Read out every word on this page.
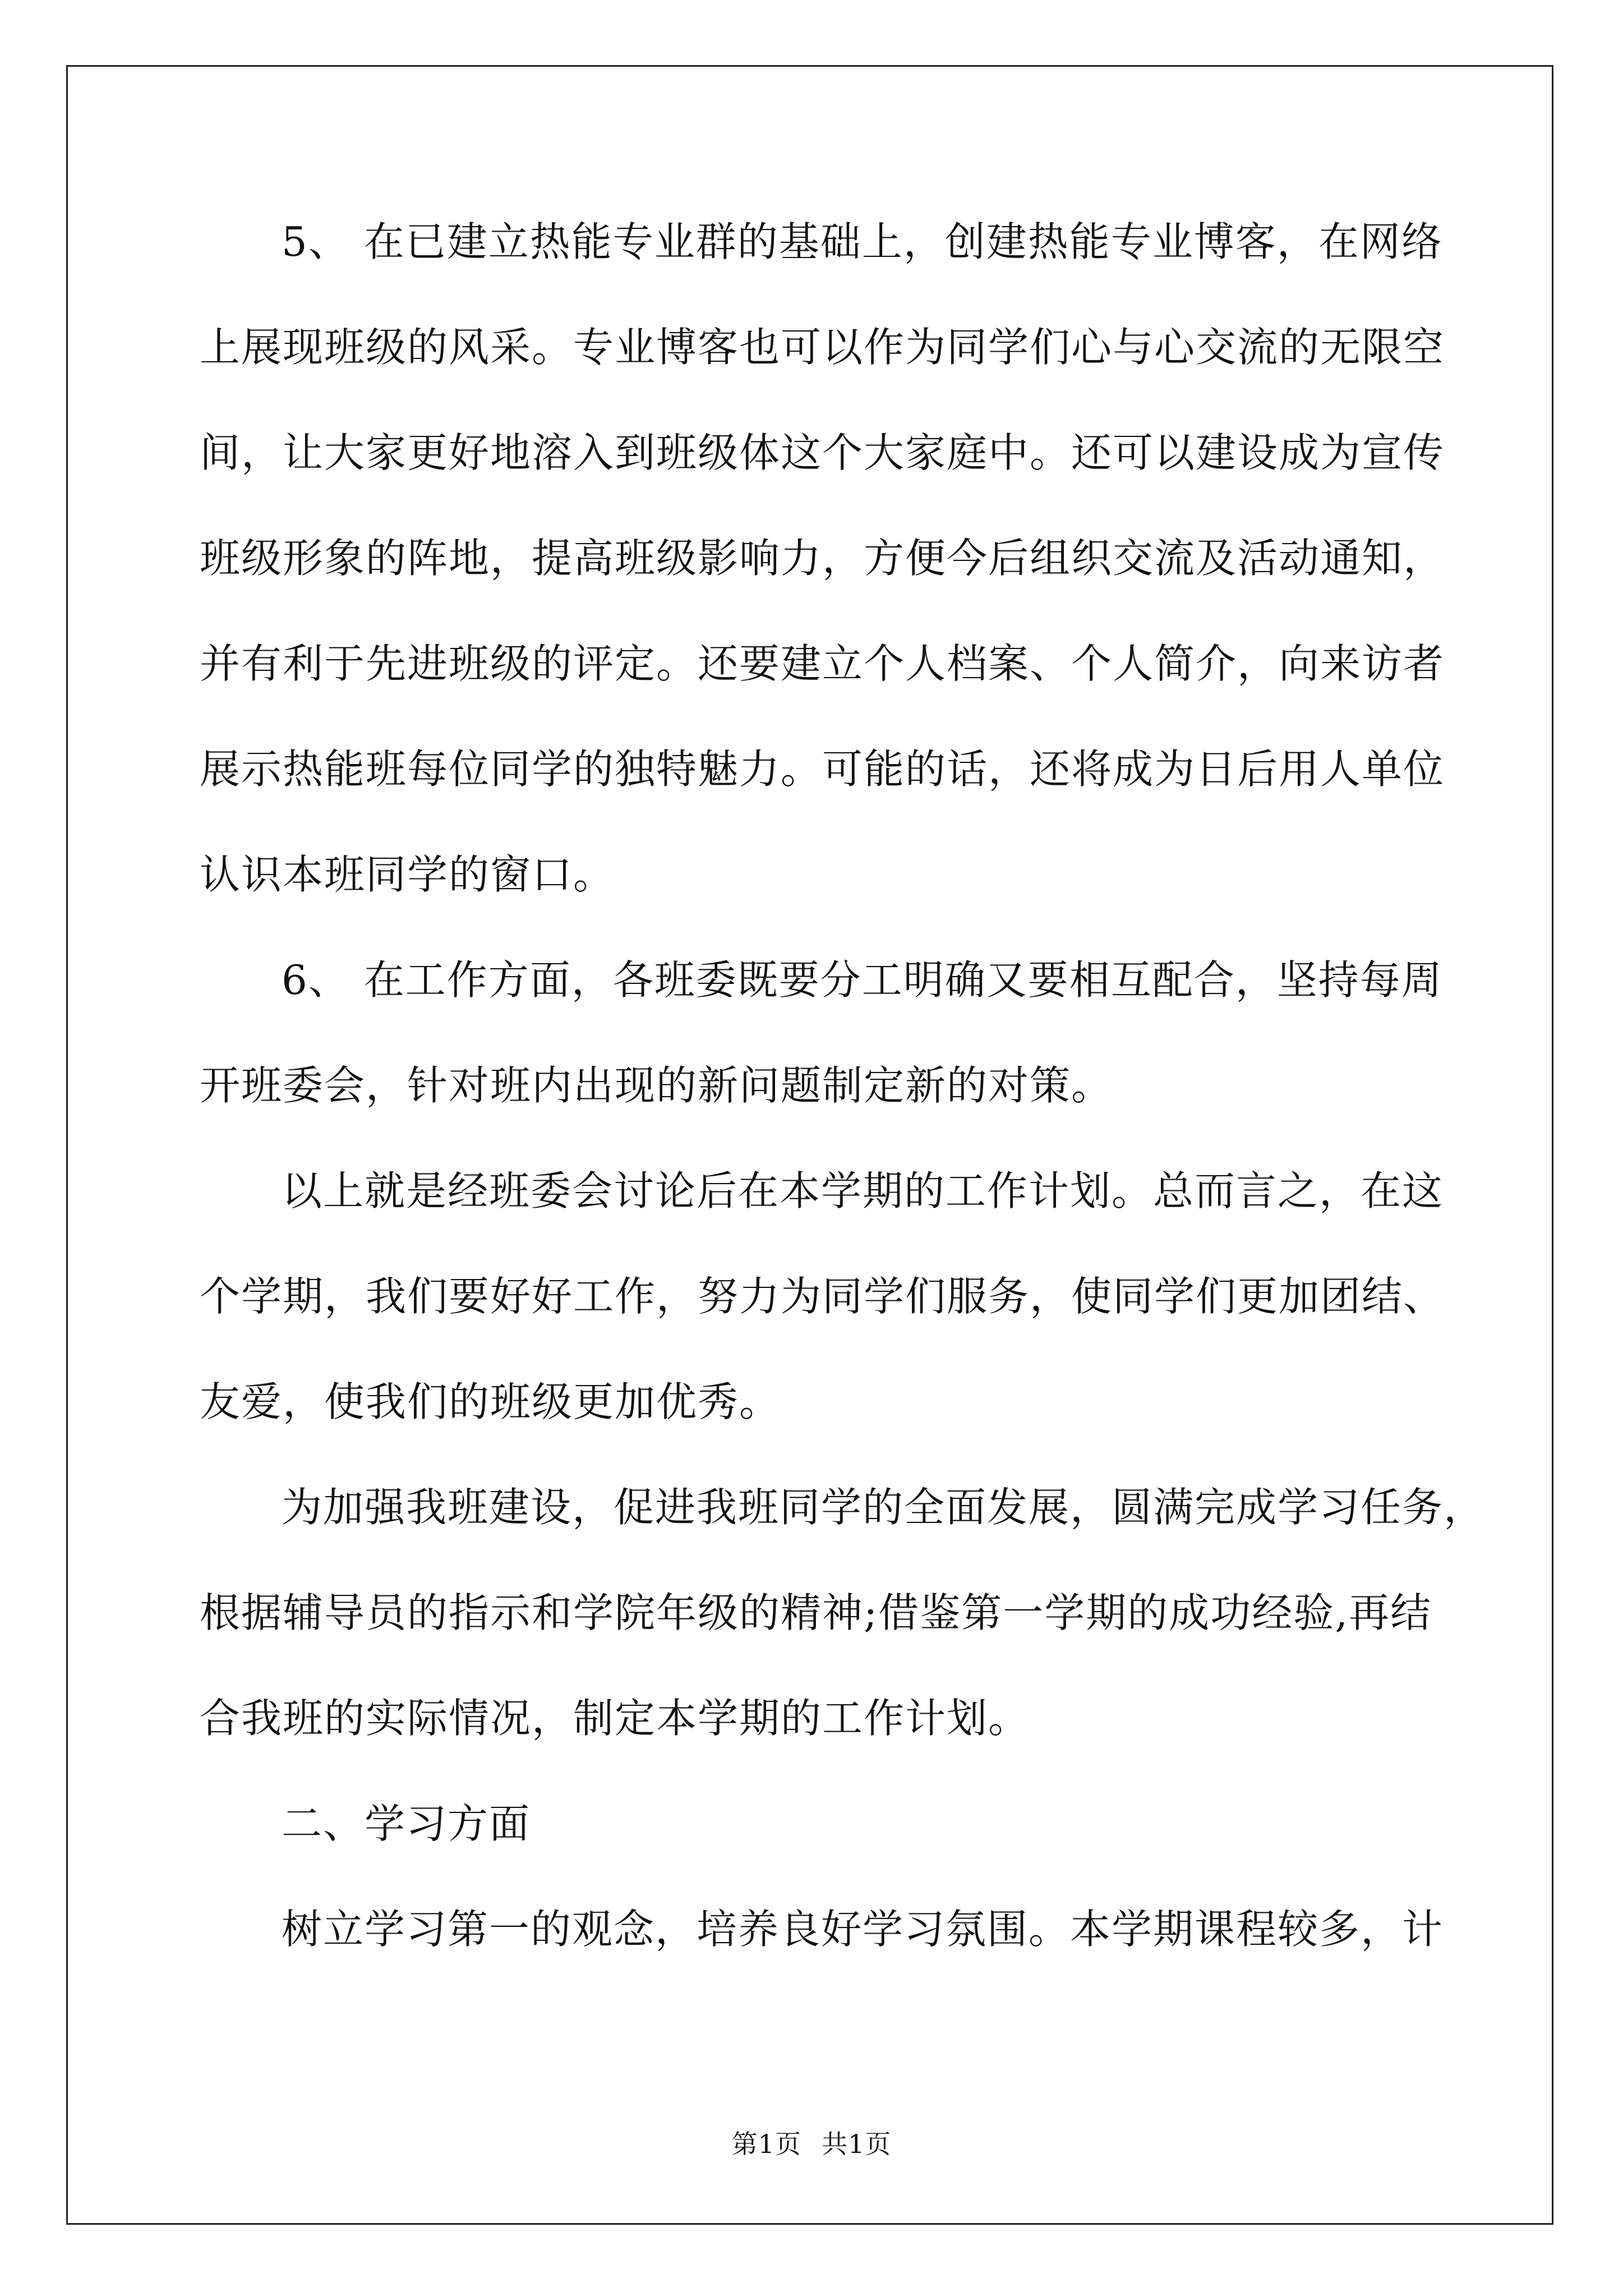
5、 在已建立热能专业群的基础上，创建热能专业博客，在网络
上展现班级的风采。专业博客也可以作为同学们心与心交流的无限空
间，让大家更好地溶入到班级体这个大家庭中。还可以建设成为宣传
班级形象的阵地，提高班级影响力，方便今后组织交流及活动通知，
并有利于先进班级的评定。还要建立个人档案、个人简介，向来访者
展示热能班每位同学的独特魅力。可能的话，还将成为日后用人单位
认识本班同学的窗口。
6、 在工作方面，各班委既要分工明确又要相互配合，坚持每周
开班委会，针对班内出现的新问题制定新的对策。
以上就是经班委会讨论后在本学期的工作计划。总而言之，在这
个学期，我们要好好工作，努力为同学们服务，使同学们更加团结、
友爱，使我们的班级更加优秀。
为加强我班建设，促进我班同学的全面发展，圆满完成学习任务，
根据辅导员的指示和学院年级的精神;借鉴第一学期的成功经验,再结
合我班的实际情况，制定本学期的工作计划。
二、学习方面
树立学习第一的观念，培养良好学习氛围。本学期课程较多，计
第1页 共1页
